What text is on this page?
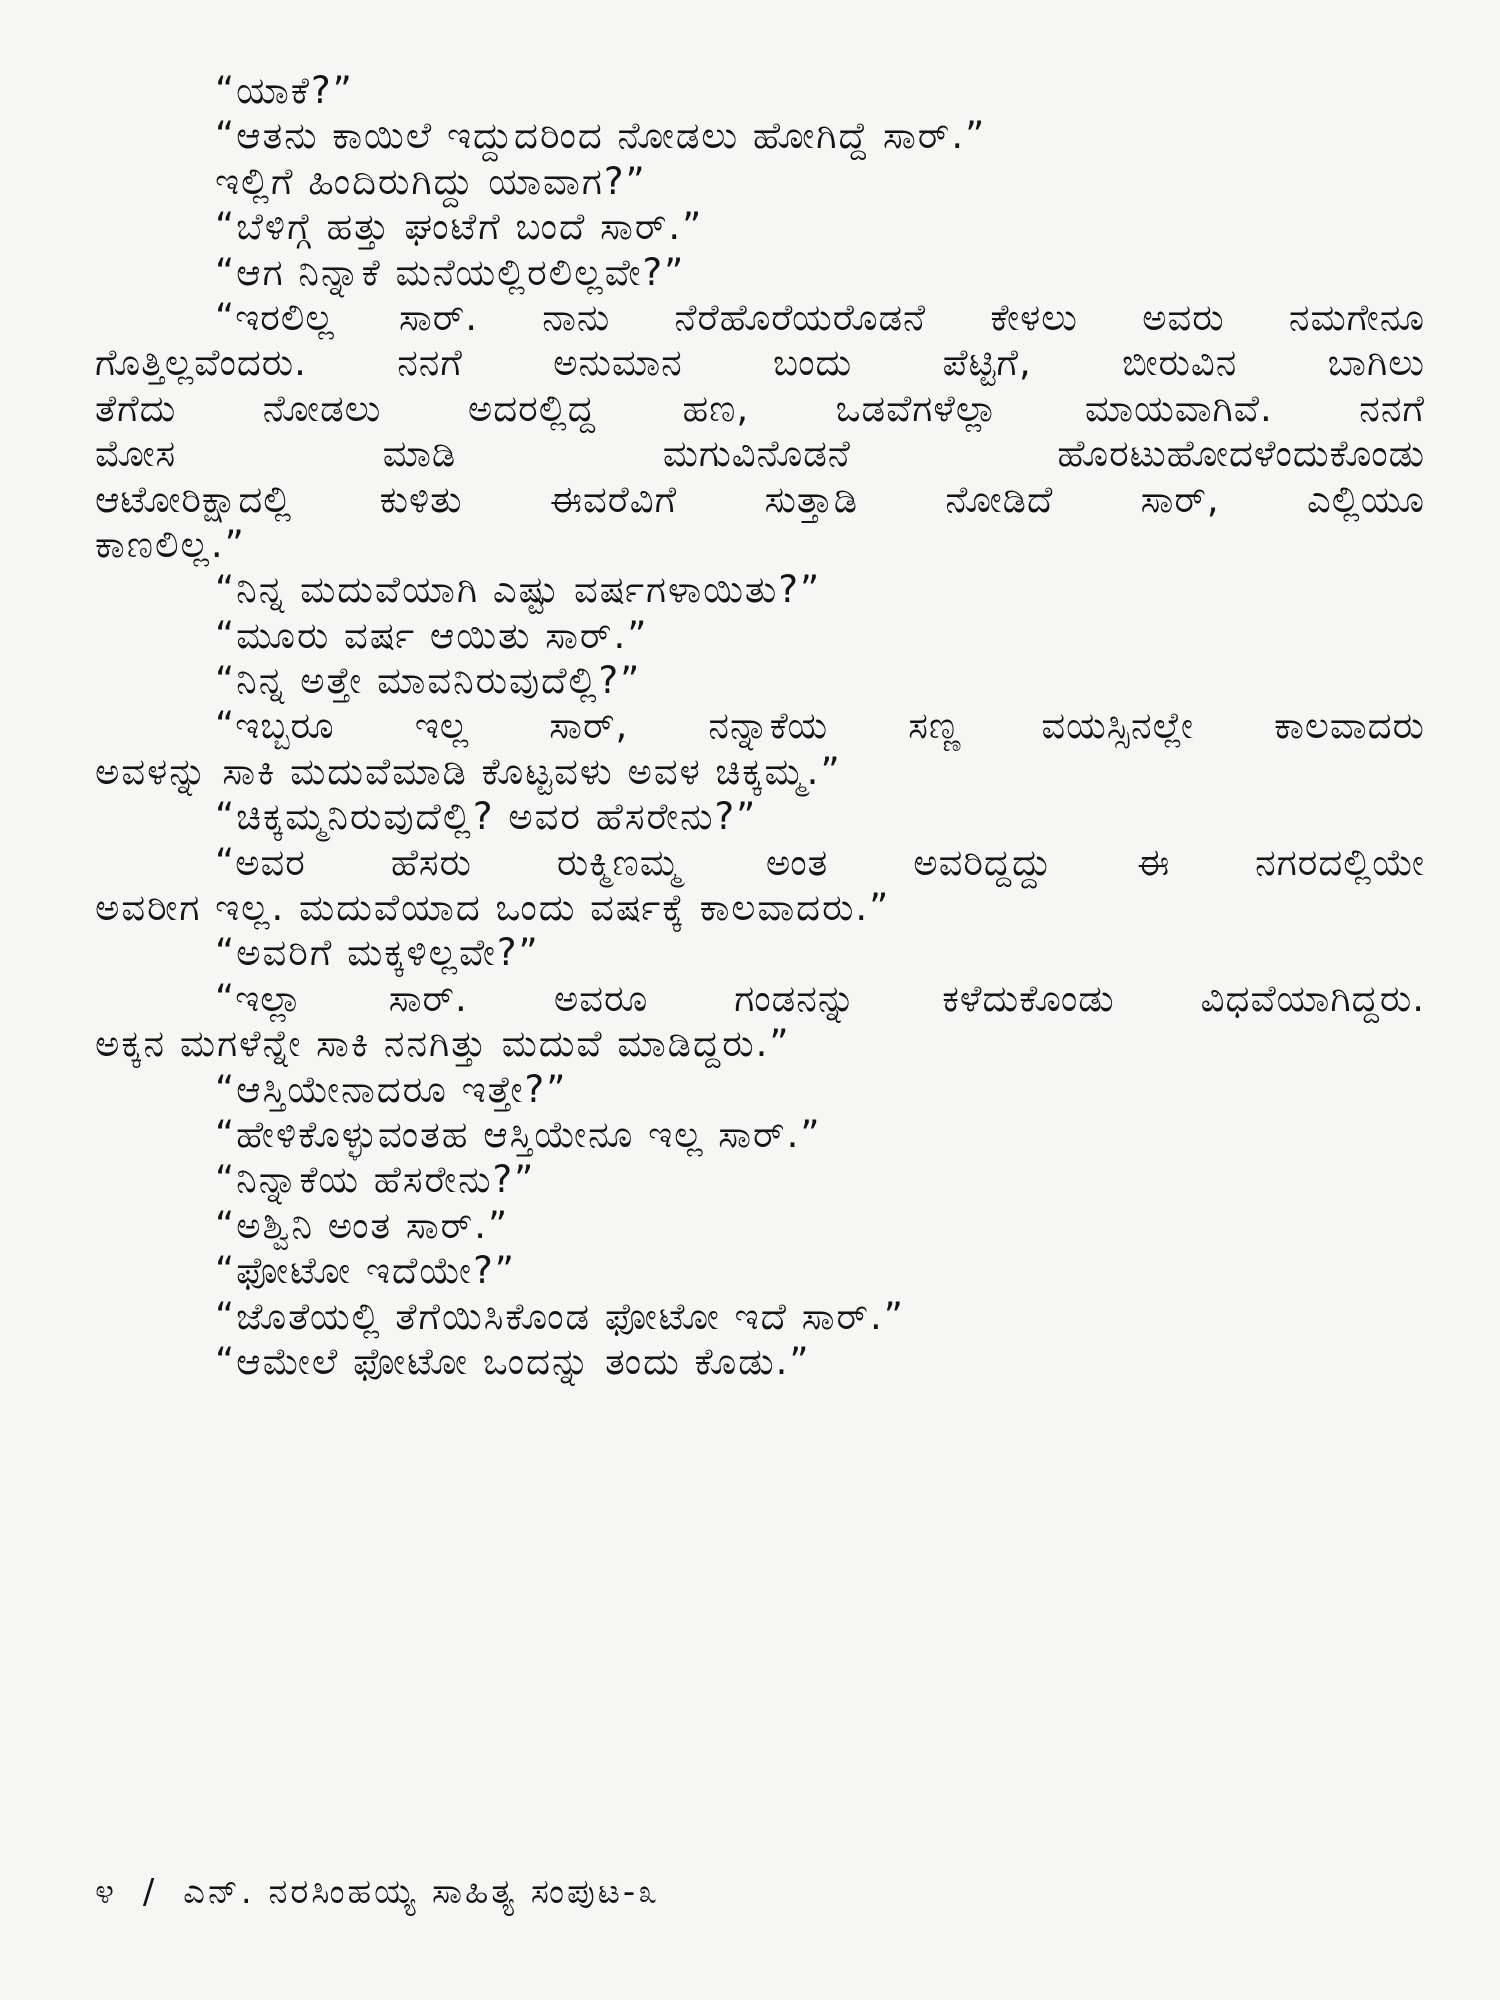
“ಯಾಕೆ?”
“ಆತನು ಕಾಯಿಲೆ ಇದ್ದುದರಿಂದ ನೋಡಲು ಹೋಗಿದ್ದೆ ಸಾರ್.”
ಇಲ್ಲಿಗೆ ಹಿಂದಿರುಗಿದ್ದು ಯಾವಾಗ?”
“ಬೆಳಿಗ್ಗೆ ಹತ್ತು ಘಂಟೆಗೆ ಬಂದೆ ಸಾರ್.”
“ಆಗ ನಿನ್ನಾಕೆ ಮನೆಯಲ್ಲಿರಲಿಲ್ಲವೇ?”
“ಇರಲಿಲ್ಲ ಸಾರ್. ನಾನು ನೆರೆಹೊರೆಯರೊಡನೆ ಕೇಳಲು ಅವರು ನಮಗೇನೂ
ಗೊತ್ತಿಲ್ಲವೆಂದರು. ನನಗೆ ಅನುಮಾನ ಬಂದು ಪೆಟ್ಟಿಗೆ, ಬೀರುವಿನ ಬಾಗಿಲು
ತೆಗೆದು ನೋಡಲು ಅದರಲ್ಲಿದ್ದ ಹಣ, ಒಡವೆಗಳೆಲ್ಲಾ ಮಾಯವಾಗಿವೆ. ನನಗೆ
ಮೋಸ	ಮಾಡಿ	ಮಗುವಿನೊಡನೆ	ಹೊರಟುಹೋದಳೆಂದುಕೊಂಡು
ಆಟೋರಿಕ್ಷಾದಲ್ಲಿ ಕುಳಿತು ಈವರೆವಿಗೆ ಸುತ್ತಾಡಿ ನೋಡಿದೆ ಸಾರ್, ಎಲ್ಲಿಯೂ
ಕಾಣಲಿಲ್ಲ.”
“ನಿನ್ನ ಮದುವೆಯಾಗಿ ಎಷ್ಟು ವರ್ಷಗಳಾಯಿತು?”
“ಮೂರು ವರ್ಷ ಆಯಿತು ಸಾರ್.”
“ನಿನ್ನ ಅತ್ತೇ ಮಾವನಿರುವುದೆಲ್ಲಿ?”
“ಇಬ್ಬರೂ ಇಲ್ಲ ಸಾರ್, ನನ್ನಾಕೆಯ ಸಣ್ಣ ವಯಸ್ಸಿನಲ್ಲೇ ಕಾಲವಾದರು
ಅವಳನ್ನು ಸಾಕಿ ಮದುವೆಮಾಡಿ ಕೊಟ್ಟವಳು ಅವಳ ಚಿಕ್ಕಮ್ಮ.”
“ಚಿಕ್ಕಮ್ಮನಿರುವುದೆಲ್ಲಿ? ಅವರ ಹೆಸರೇನು?”
“ಅವರ ಹೆಸರು ರುಕ್ಮಿಣಮ್ಮ ಅಂತ ಅವರಿದ್ದದ್ದು ಈ ನಗರದಲ್ಲಿಯೇ
ಅವರೀಗ ಇಲ್ಲ. ಮದುವೆಯಾದ ಒಂದು ವರ್ಷಕ್ಕೆ ಕಾಲವಾದರು.”
“ಅವರಿಗೆ ಮಕ್ಕಳಿಲ್ಲವೇ?”
“ಇಲ್ಲಾ ಸಾರ್. ಅವರೂ ಗಂಡನನ್ನು ಕಳೆದುಕೊಂಡು ವಿಧವೆಯಾಗಿದ್ದರು.
ಅಕ್ಕನ ಮಗಳೆನ್ನೇ ಸಾಕಿ ನನಗಿತ್ತು ಮದುವೆ ಮಾಡಿದ್ದರು.”
“ಆಸ್ತಿಯೇನಾದರೂ ಇತ್ತೇ?”
“ಹೇಳಿಕೊಳ್ಳುವಂತಹ ಆಸ್ತಿಯೇನೂ ಇಲ್ಲ ಸಾರ್.”
“ನಿನ್ನಾಕೆಯ ಹೆಸರೇನು?”
“ಅಶ್ವಿನಿ ಅಂತ ಸಾರ್.”
“ಫೋಟೋ ಇದೆಯೇ?”
“ಜೊತೆಯಲ್ಲಿ ತೆಗೆಯಿಸಿಕೊಂಡ ಫೋಟೋ ಇದೆ ಸಾರ್.”
“ಆಮೇಲೆ ಫೋಟೋ ಒಂದನ್ನು ತಂದು ಕೊಡು.”
೪ / ಎನ್. ನರಸಿಂಹಯ್ಯ ಸಾಹಿತ್ಯ ಸಂಪುಟ-೩
